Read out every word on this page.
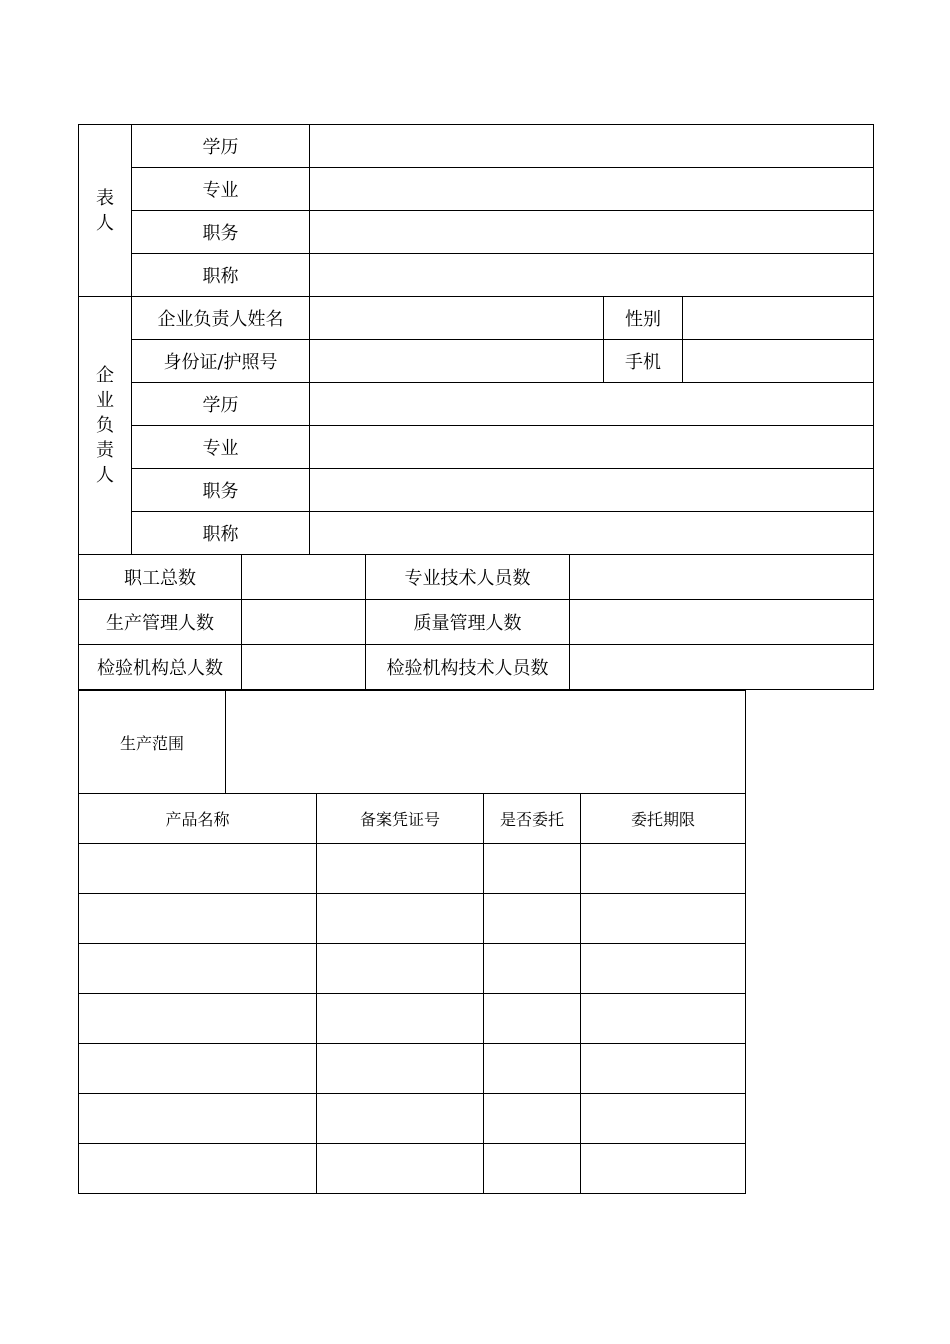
表
人	学历			
	专业			
	职务			
	职称			

企
业
负
责
人	企业负责人姓名		性别	
	身份证/护照号		手机	
	学历			
	专业			
	职务			
	职称			
职工总数		专业技术人员数	
生产管理人数		质量管理人数	
检验机构总人数		检验机构技术人员数	
生产范围	
产品名称	备案凭证号	是否委托	委托期限
